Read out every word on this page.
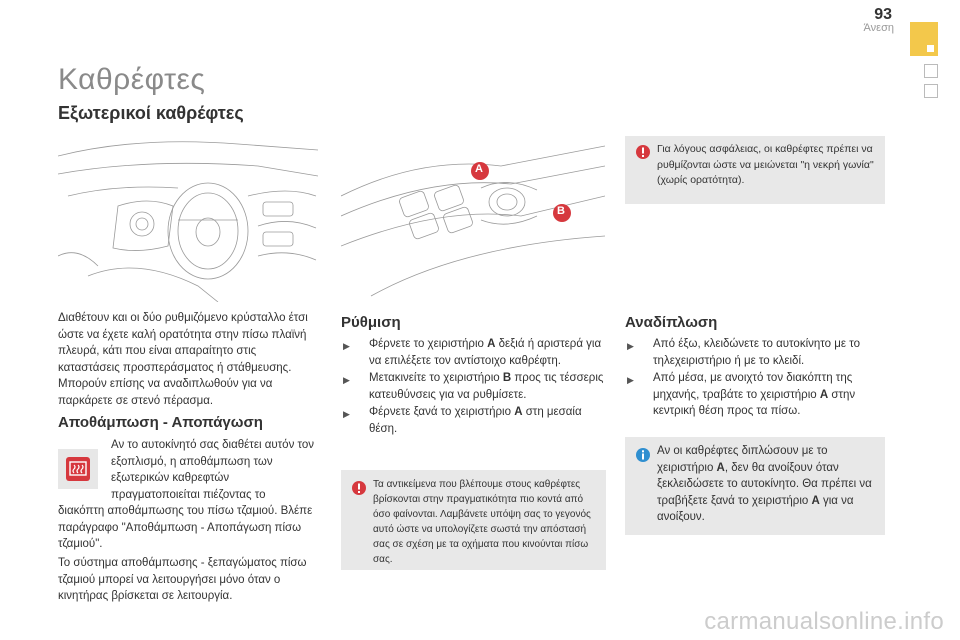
93
Άνεση
Καθρέφτες
Εξωτερικοί καθρέφτες
A
B

Διαθέτουν και οι δύο ρυθμιζόμενο κρύσταλλο έτσι ώστε να έχετε καλή ορατότητα στην πίσω πλαϊνή πλευρά, κάτι που είναι απαραίτητο στις καταστάσεις προσπεράσματος ή στάθμευσης. Μπορούν επίσης να αναδιπλωθούν για να παρκάρετε σε στενό πέρασμα.

Αποθάμπωση - Αποπάγωση

Αν το αυτοκίνητό σας διαθέτει αυτόν τον εξοπλισμό, η αποθάμπωση των εξωτερικών καθρεφτών πραγματοποιείται πιέζοντας το

διακόπτη αποθάμπωσης του πίσω τζαμιού. Βλέπε παράγραφο "Αποθάμπωση - Αποπάγωση πίσω τζαμιού".

Το σύστημα αποθάμπωσης - ξεπαγώματος πίσω τζαμιού μπορεί να λειτουργήσει μόνο όταν ο κινητήρας βρίσκεται σε λειτουργία.

Ρύθμιση
▶ Φέρνετε το χειριστήριο A δεξιά ή αριστερά για να επιλέξετε τον αντίστοιχο καθρέφτη.
▶ Μετακινείτε το χειριστήριο B προς τις τέσσερις κατευθύνσεις για να ρυθμίσετε.
▶ Φέρνετε ξανά το χειριστήριο A στη μεσαία θέση.
Τα αντικείμενα που βλέπουμε στους καθρέφτες βρίσκονται στην πραγματικότητα πιο κοντά από όσο φαίνονται. Λαμβάνετε υπόψη σας το γεγονός αυτό ώστε να υπολογίζετε σωστά την απόστασή σας σε σχέση με τα οχήματα που κινούνται πίσω σας.
Για λόγους ασφάλειας, οι καθρέφτες πρέπει να ρυθμίζονται ώστε να μειώνεται "η νεκρή γωνία" (χωρίς ορατότητα).
Αναδίπλωση
▶ Από έξω, κλειδώνετε το αυτοκίνητο με το τηλεχειριστήριο ή με το κλειδί.
▶ Από μέσα, με ανοιχτό τον διακόπτη της μηχανής, τραβάτε το χειριστήριο A στην κεντρική θέση προς τα πίσω.
Αν οι καθρέφτες διπλώσουν με το χειριστήριο A, δεν θα ανοίξουν όταν ξεκλειδώσετε το αυτοκίνητο. Θα πρέπει να τραβήξετε ξανά το χειριστήριο A για να ανοίξουν.
carmanualsonline.info
